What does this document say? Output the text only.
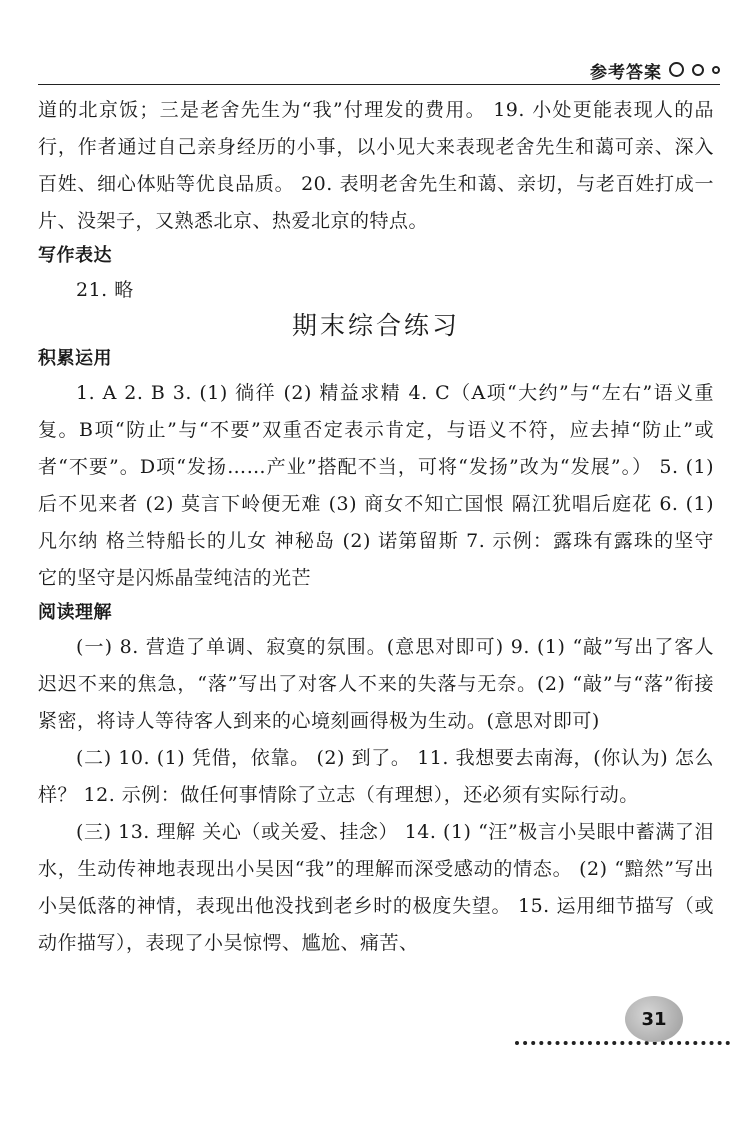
参考答案

道的北京饭；三是老舍先生为“我”付理发的费用。 19. 小处更能表现人的品行，作者通过自己亲身经历的小事，以小见大来表现老舍先生和蔼可亲、深入百姓、细心体贴等优良品质。 20. 表明老舍先生和蔼、亲切，与老百姓打成一片、没架子，又熟悉北京、热爱北京的特点。

写作表达

21. 略

期末综合练习

积累运用

1. A 2. B 3. (1) 徜徉 (2) 精益求精 4. C（A项“大约”与“左右”语义重复。B项“防止”与“不要”双重否定表示肯定，与语义不符，应去掉“防止”或者“不要”。D项“发扬……产业”搭配不当，可将“发扬”改为“发展”。） 5. (1) 后不见来者 (2) 莫言下岭便无难 (3) 商女不知亡国恨 隔江犹唱后庭花 6. (1) 凡尔纳 格兰特船长的儿女 神秘岛 (2) 诺第留斯 7. 示例：露珠有露珠的坚守 它的坚守是闪烁晶莹纯洁的光芒

阅读理解

(一) 8. 营造了单调、寂寞的氛围。(意思对即可) 9. (1) “敲”写出了客人迟迟不来的焦急，“落”写出了对客人不来的失落与无奈。(2) “敲”与“落”衔接紧密，将诗人等待客人到来的心境刻画得极为生动。(意思对即可)

(二) 10. (1) 凭借，依靠。 (2) 到了。 11. 我想要去南海，(你认为) 怎么样？ 12. 示例：做任何事情除了立志（有理想），还必须有实际行动。

(三) 13. 理解 关心（或关爱、挂念） 14. (1) “汪”极言小吴眼中蓄满了泪水，生动传神地表现出小吴因“我”的理解而深受感动的情态。 (2) “黯然”写出小吴低落的神情，表现出他没找到老乡时的极度失望。 15. 运用细节描写（或动作描写），表现了小吴惊愕、尴尬、痛苦、

31
